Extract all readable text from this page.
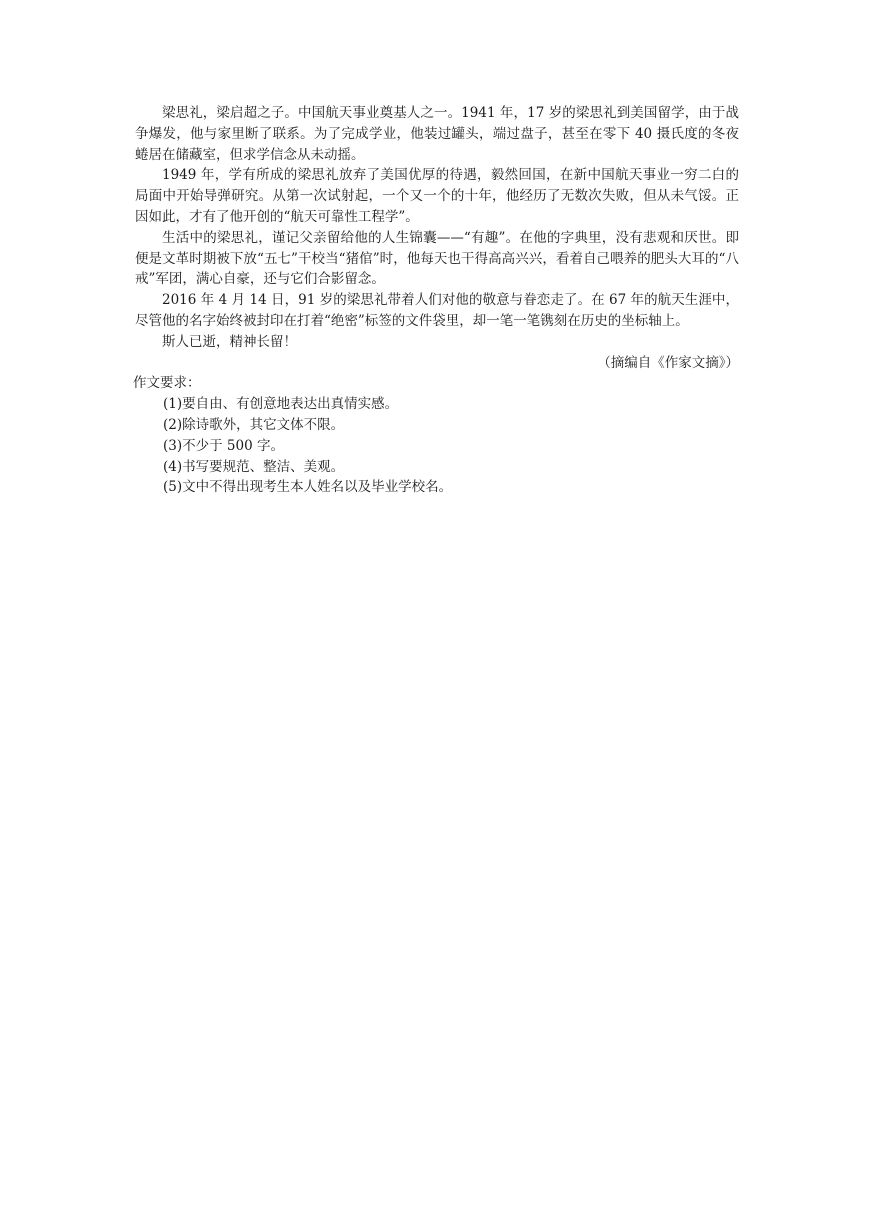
梁思礼，梁启超之子。中国航天事业奠基人之一。1941 年，17 岁的梁思礼到美国留学，由于战争爆发，他与家里断了联系。为了完成学业，他装过罐头，端过盘子，甚至在零下 40 摄氏度的冬夜蜷居在储藏室，但求学信念从未动摇。

1949 年，学有所成的梁思礼放弃了美国优厚的待遇，毅然回国，在新中国航天事业一穷二白的局面中开始导弹研究。从第一次试射起，一个又一个的十年，他经历了无数次失败，但从未气馁。正因如此，才有了他开创的“航天可靠性工程学”。

生活中的梁思礼，谨记父亲留给他的人生锦囊——“有趣”。在他的字典里，没有悲观和厌世。即便是文革时期被下放“五七”干校当“猪倌”时，他每天也干得高高兴兴，看着自己喂养的肥头大耳的“八戒”军团，满心自豪，还与它们合影留念。

2016 年 4 月 14 日，91 岁的梁思礼带着人们对他的敬意与眷恋走了。在 67 年的航天生涯中，尽管他的名字始终被封印在打着“绝密”标签的文件袋里，却一笔一笔镌刻在历史的坐标轴上。

斯人已逝，精神长留！

（摘编自《作家文摘》）

作文要求：

(1)要自由、有创意地表达出真情实感。
(2)除诗歌外，其它文体不限。
(3)不少于 500 字。
(4)书写要规范、整洁、美观。
(5)文中不得出现考生本人姓名以及毕业学校名。
